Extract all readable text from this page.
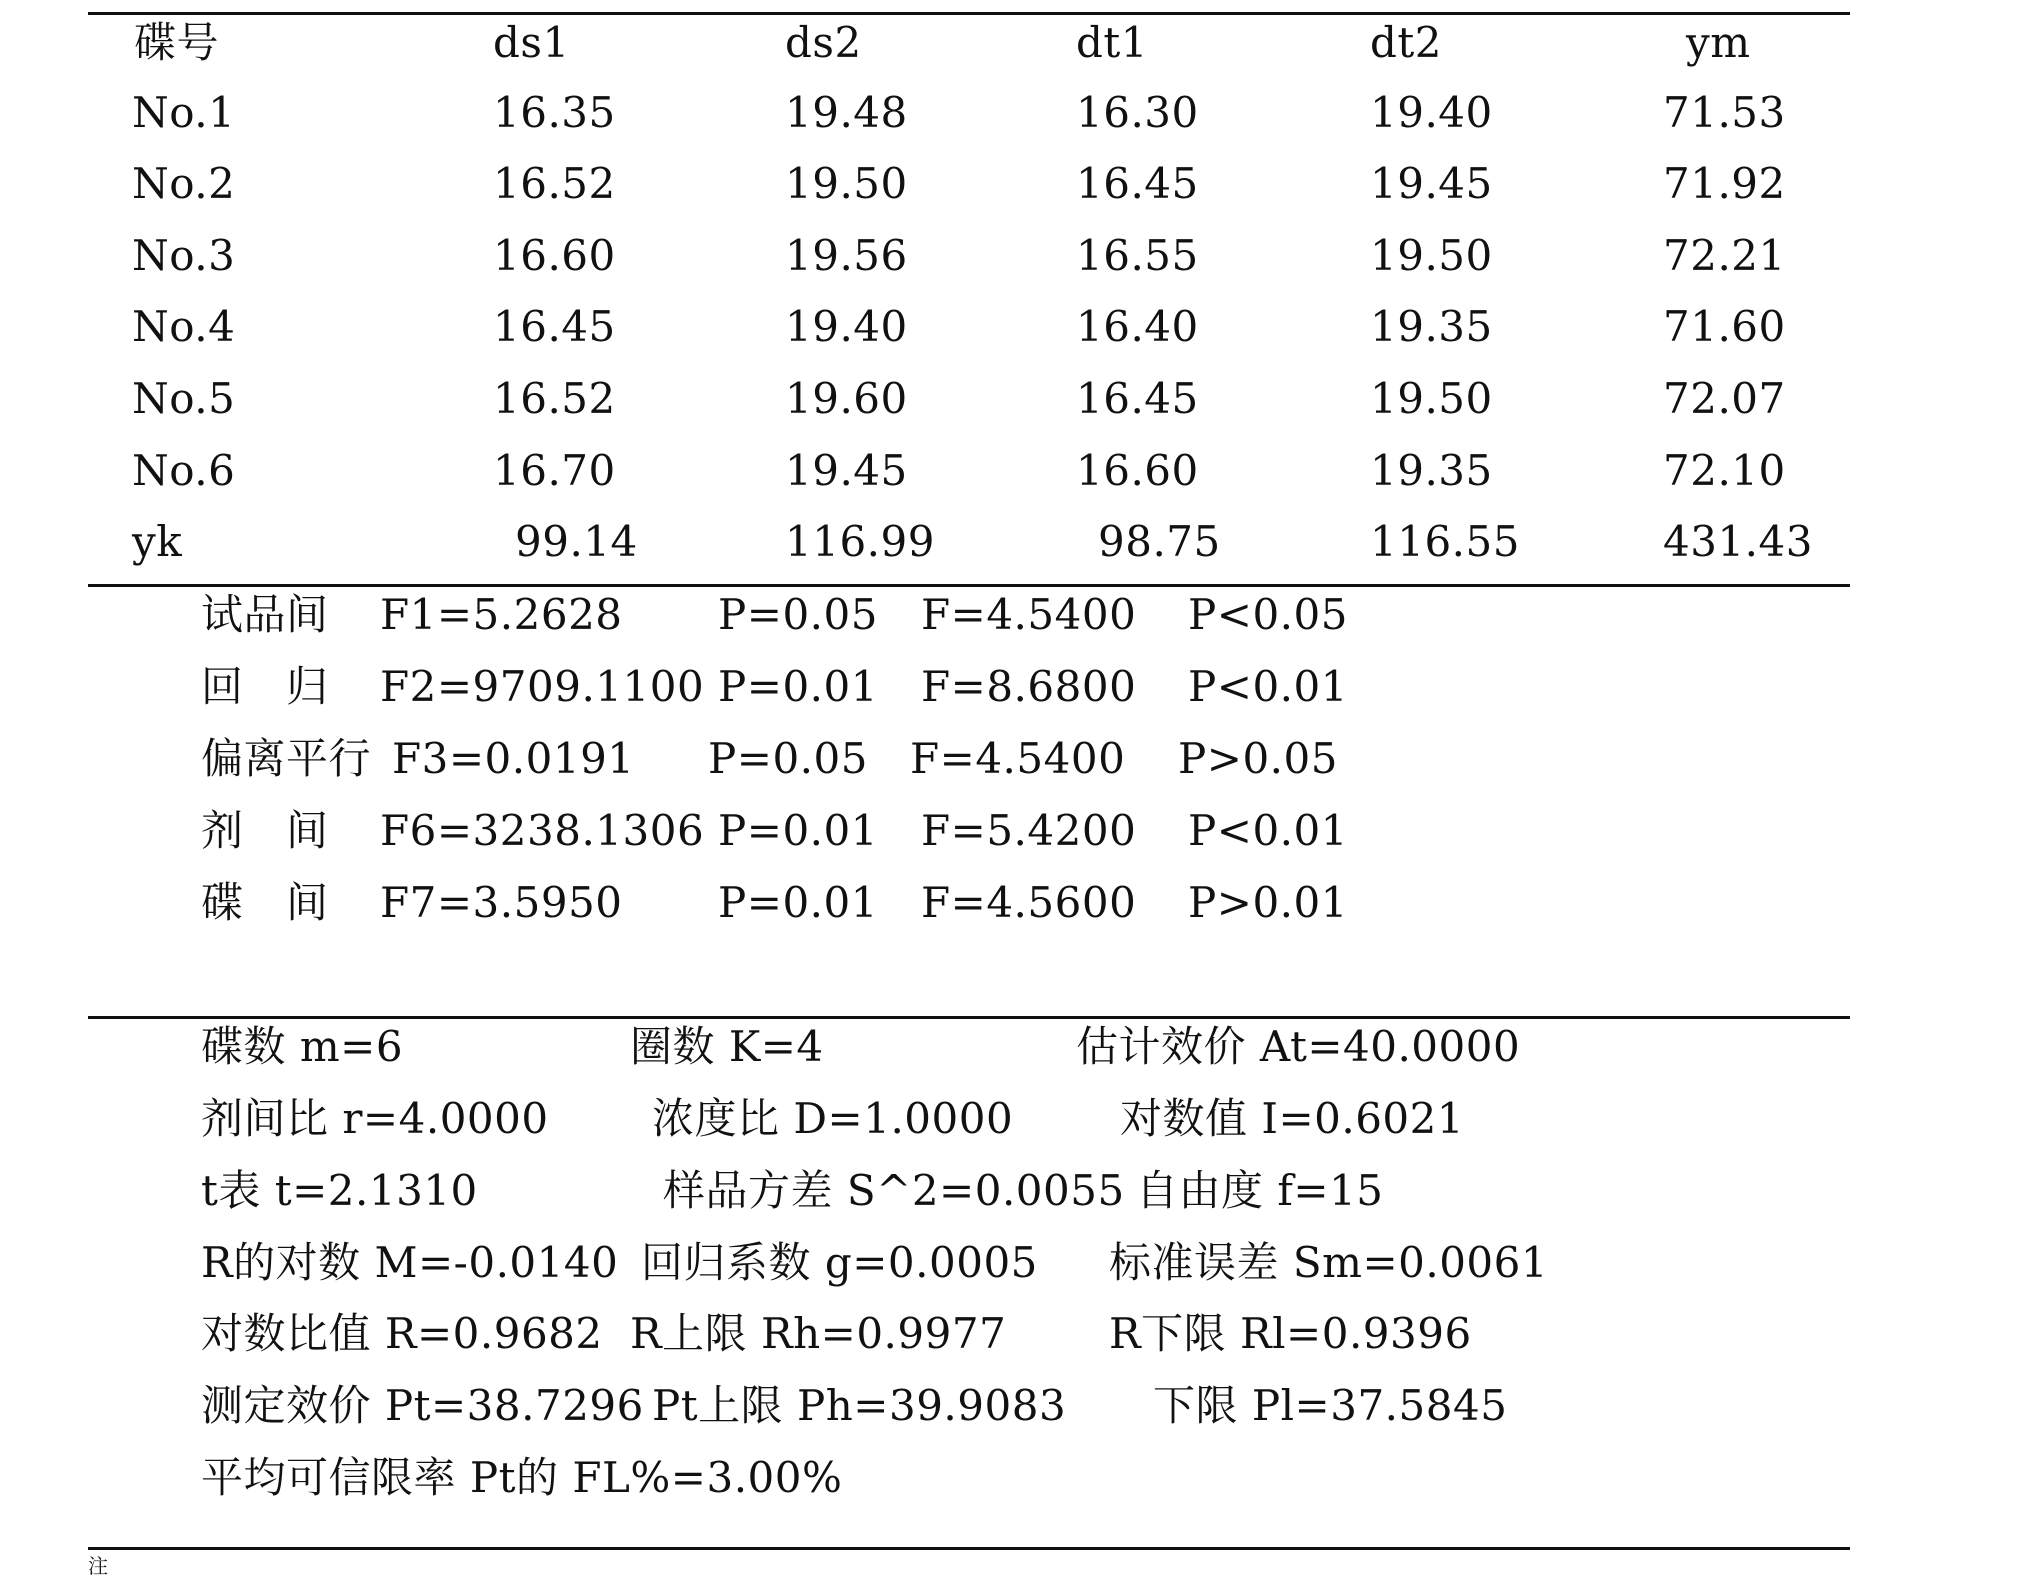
碟号	ds1	ds2	dt1	dt2	ym
No.1	16.35	19.48	16.30	19.40	71.53
No.2	16.52	19.50	16.45	19.45	71.92
No.3	16.60	19.56	16.55	19.50	72.21
No.4	16.45	19.40	16.40	19.35	71.60
No.5	16.52	19.60	16.45	19.50	72.07
No.6	16.70	19.45	16.60	19.35	72.10
yk	99.14	116.99	98.75	116.55	431.43
试品间 F1=5.2628 P=0.05 F=4.5400 P<0.05
回　归 F2=9709.1100 P=0.01 F=8.6800 P<0.01
偏离平行 F3=0.0191 P=0.05 F=4.5400 P>0.05
剂　间 F6=3238.1306 P=0.01 F=5.4200 P<0.01
碟　间 F7=3.5950 P=0.01 F=4.5600 P>0.01
碟数 m=6	圈数 K=4	估计效价 At=40.0000
剂间比 r=4.0000 浓度比 D=1.0000	对数值 I=0.6021
t表 t=2.1310	样品方差 S^2=0.0055 自由度 f=15
R的对数 M=-0.0140 回归系数 g=0.0005 标准误差 Sm=0.0061
对数比值 R=0.9682 R上限 Rh=0.9977 R下限 Rl=0.9396
测定效价 Pt=38.7296 Pt上限 Ph=39.9083 下限 Pl=37.5845
平均可信限率 Pt的 FL%=3.00%
注
